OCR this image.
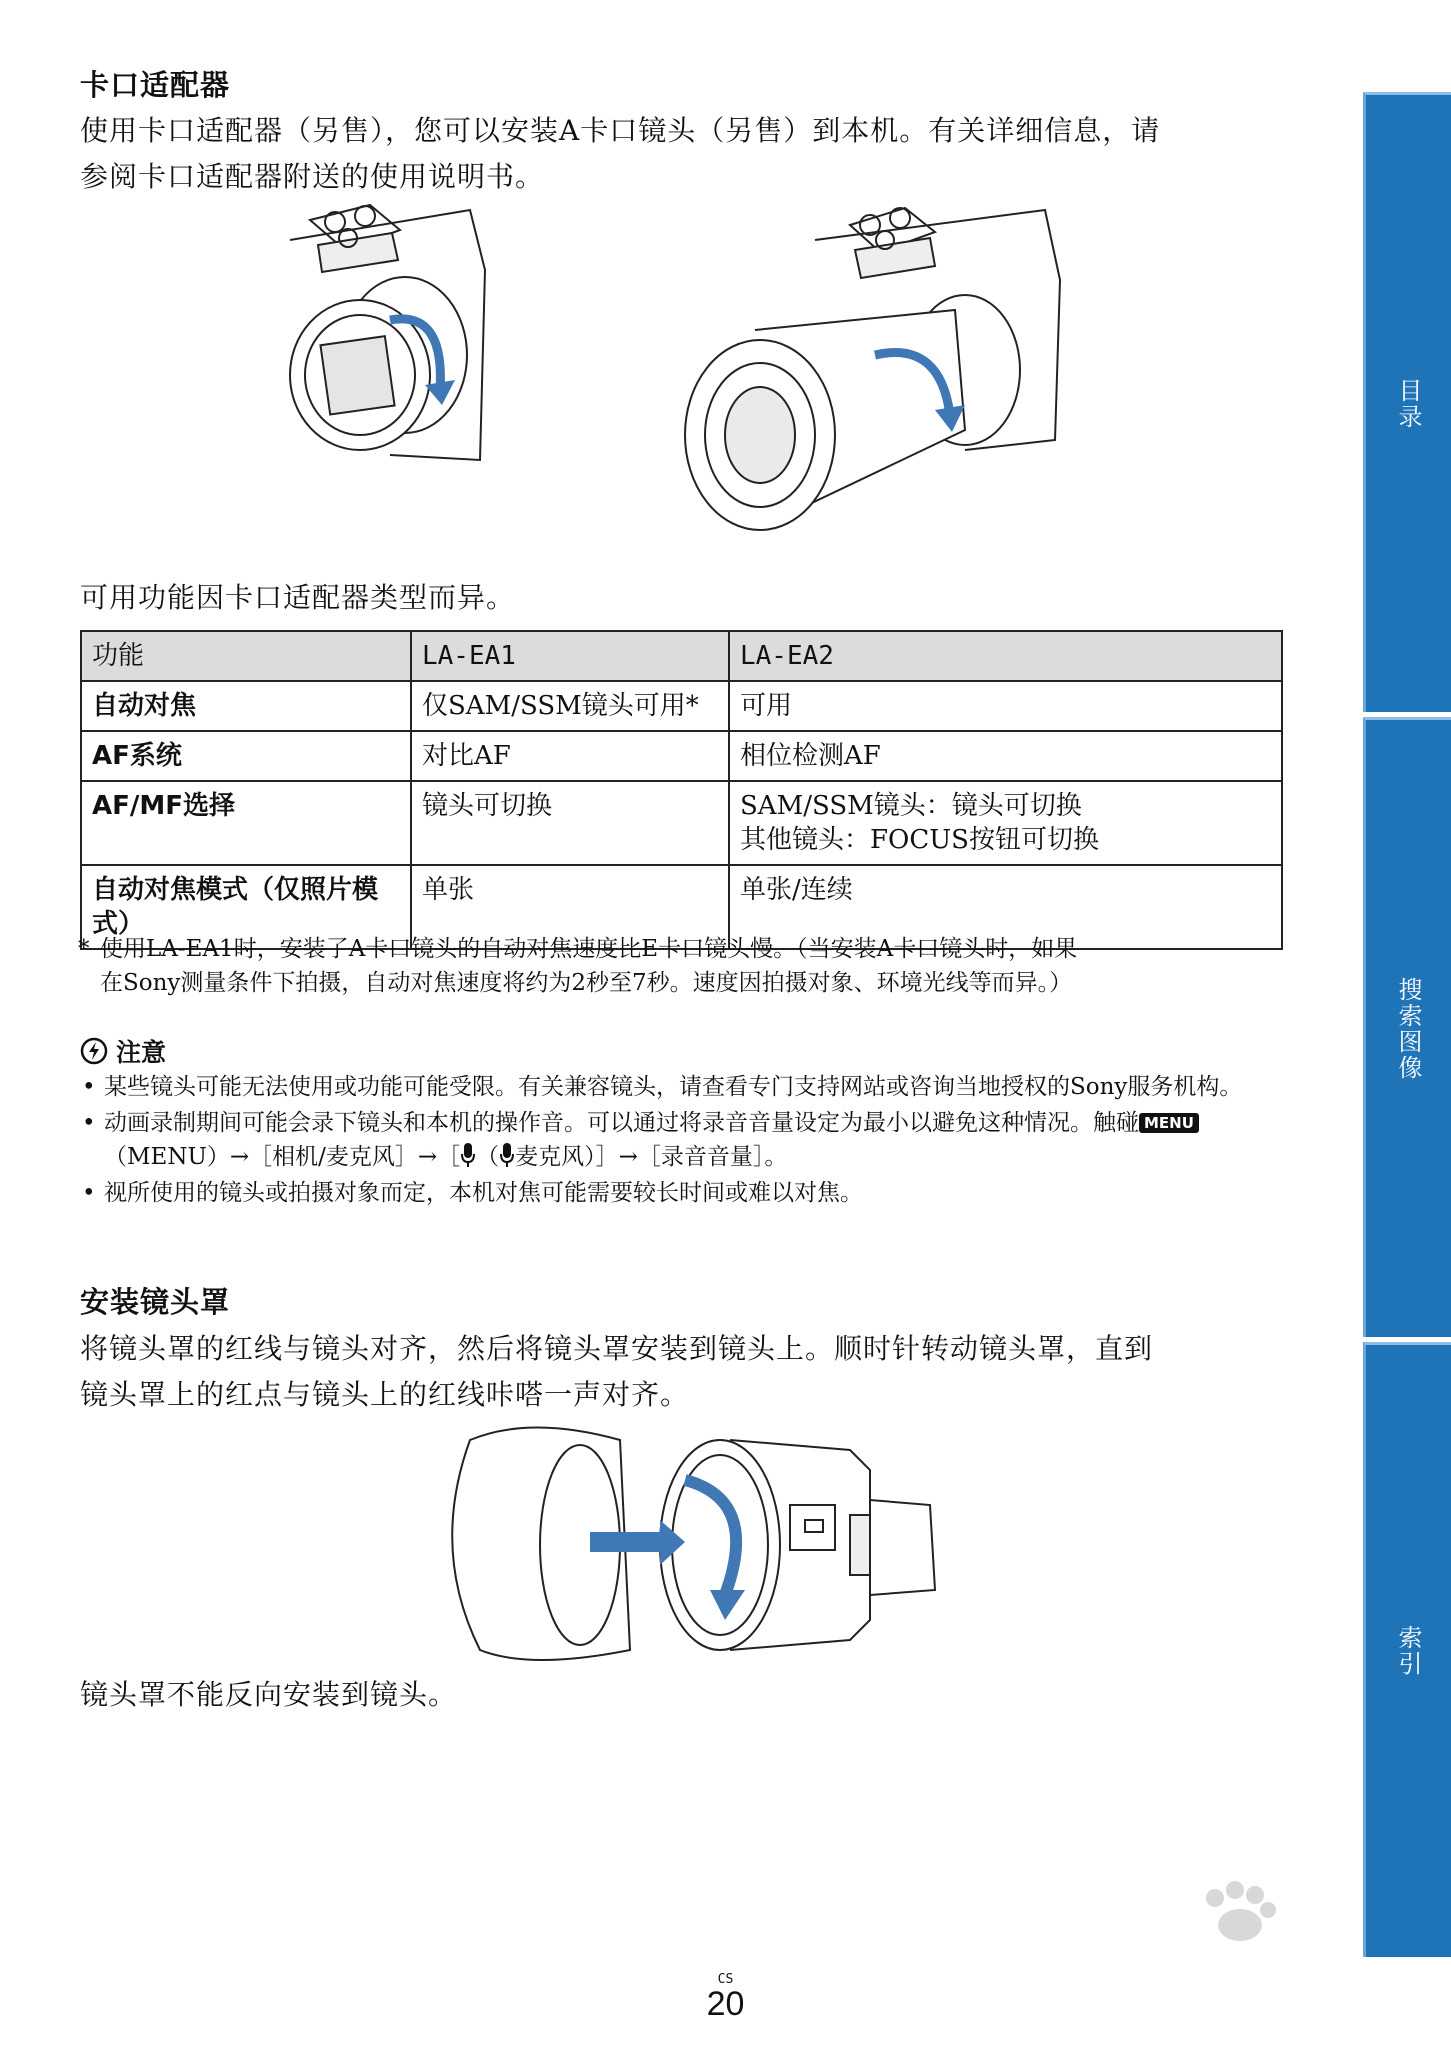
卡口适配器
使用卡口适配器（另售），您可以安装A卡口镜头（另售）到本机。有关详细信息，请
参阅卡口适配器附送的使用说明书。
可用功能因卡口适配器类型而异。
功能	LA-EA1	LA-EA2
自动对焦	仅SAM/SSM镜头可用*	可用
AF系统	对比AF	相位检测AF
AF/MF选择	镜头可切换	SAM/SSM镜头：镜头可切换
其他镜头：FOCUS按钮可切换

自动对焦模式（仅照片模式）	单张	单张/连续
* 使用LA-EA1时，安装了A卡口镜头的自动对焦速度比E卡口镜头慢。（当安装A卡口镜头时，如果
在Sony测量条件下拍摄，自动对焦速度将约为2秒至7秒。速度因拍摄对象、环境光线等而异。）
注意
• 某些镜头可能无法使用或功能可能受限。有关兼容镜头，请查看专门支持网站或咨询当地授权的Sony服务机构。
• 动画录制期间可能会录下镜头和本机的操作音。可以通过将录音音量设定为最小以避免这种情况。触碰 MENU（MENU）→［相机/麦克风］→［ （ 麦克风）］→［录音音量］。
• 视所使用的镜头或拍摄对象而定，本机对焦可能需要较长时间或难以对焦。
安装镜头罩
将镜头罩的红线与镜头对齐，然后将镜头罩安装到镜头上。顺时针转动镜头罩，直到
镜头罩上的红点与镜头上的红线咔嗒一声对齐。
镜头罩不能反向安装到镜头。
目录
搜索图像
索引
CS
20
